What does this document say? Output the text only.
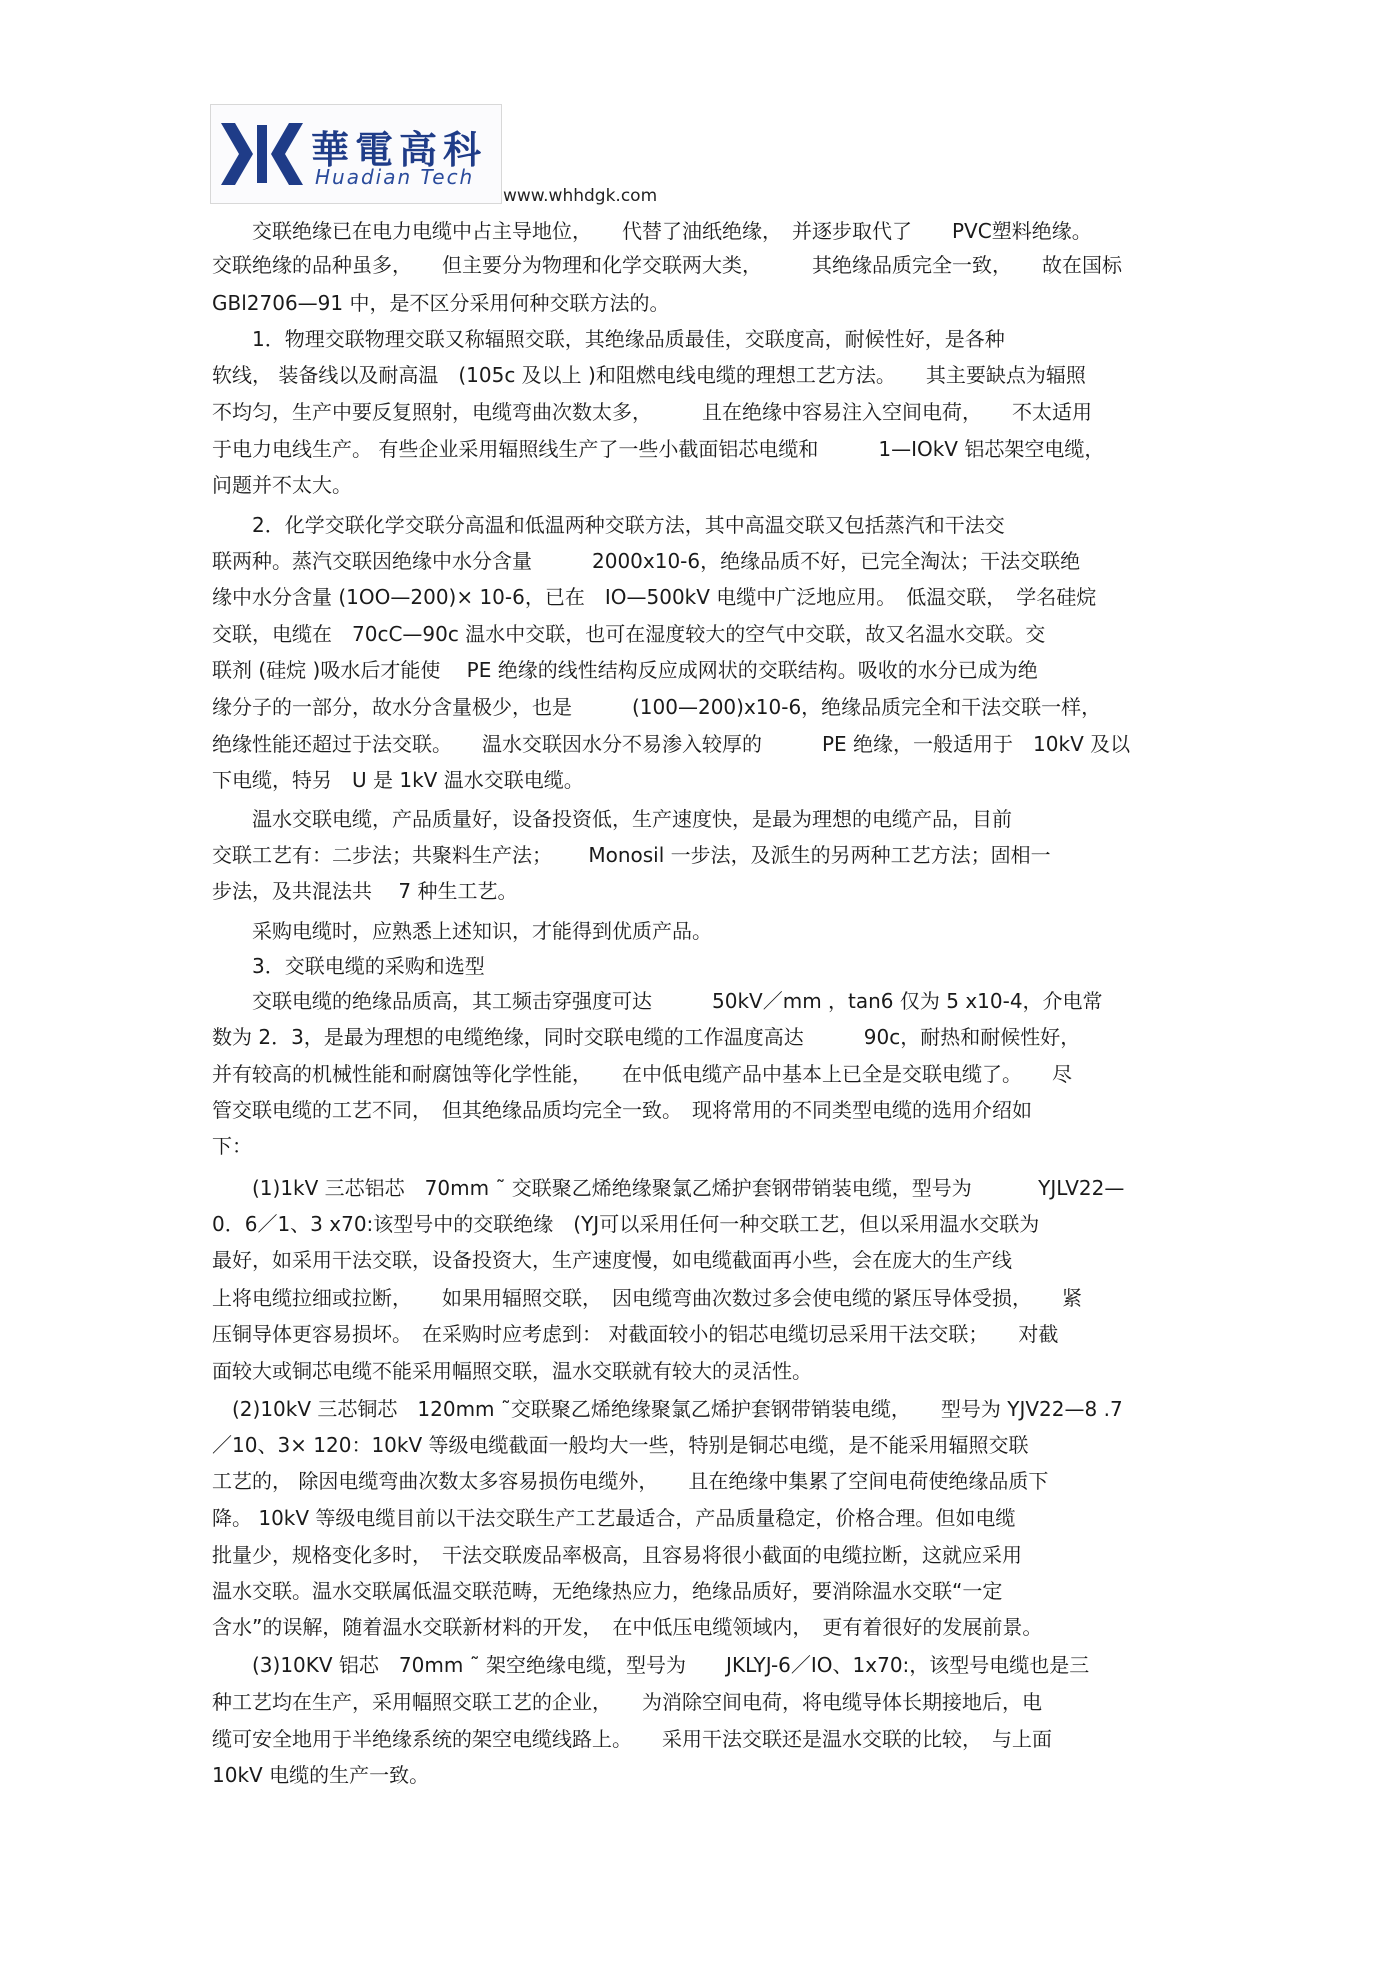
華電高科
Huadian Tech
www.whhdgk.com

　　交联绝缘已在电力电缆中占主导地位，　　代替了油纸绝缘，　并逐步取代了　　PVC塑料绝缘。

交联绝缘的品种虽多，　　但主要分为物理和化学交联两大类，　　　其绝缘品质完全一致，　　故在国标

GBl2706—91 中，是不区分采用何种交联方法的。

　　1．物理交联物理交联又称辐照交联，其绝缘品质最佳，交联度高，耐候性好，是各种

软线， 装备线以及耐高温　(105c 及以上 )和阻燃电线电缆的理想工艺方法。　　其主要缺点为辐照

不均匀，生产中要反复照射，电缆弯曲次数太多，　　　且在绝缘中容易注入空间电荷，　　不太适用

于电力电线生产。 有些企业采用辐照线生产了一些小截面铝芯电缆和　　　1—IOkV 铝芯架空电缆，

问题并不太大。

　　2．化学交联化学交联分高温和低温两种交联方法，其中高温交联又包括蒸汽和干法交

联两种。蒸汽交联因绝缘中水分含量　　　2000x10-6，绝缘品质不好，已完全淘汰；干法交联绝

缘中水分含量 (1OO—200)× 10-6，已在　IO—500kV 电缆中广泛地应用。　低温交联，　学名硅烷

交联，电缆在　70cC—90c 温水中交联，也可在湿度较大的空气中交联，故又名温水交联。交

联剂 (硅烷 )吸水后才能使　 PE 绝缘的线性结构反应成网状的交联结构。吸收的水分已成为绝

缘分子的一部分，故水分含量极少，也是　　　(100—200)x10-6，绝缘品质完全和干法交联一样，

绝缘性能还超过于法交联。　　温水交联因水分不易渗入较厚的　　　PE 绝缘，一般适用于　10kV 及以

下电缆，特另　U 是 1kV 温水交联电缆。

　　温水交联电缆，产品质量好，设备投资低，生产速度快，是最为理想的电缆产品，目前

交联工艺有：二步法；共聚料生产法；　　 Monosil 一步法，及派生的另两种工艺方法；固相一

步法，及共混法共　 7 种生工艺。

　　采购电缆时，应熟悉上述知识，才能得到优质产品。

　　3．交联电缆的采购和选型

　　交联电缆的绝缘品质高，其工频击穿强度可达　　　50kV／mm ，tan6 仅为 5 x10-4，介电常

数为 2．3，是最为理想的电缆绝缘，同时交联电缆的工作温度高达　　　90c，耐热和耐候性好，

并有较高的机械性能和耐腐蚀等化学性能，　　在中低电缆产品中基本上已全是交联电缆了。　　尽

管交联电缆的工艺不同，　但其绝缘品质均完全一致。　现将常用的不同类型电缆的选用介绍如

下：

　　(1)1kV 三芯铝芯　70mm ˜ 交联聚乙烯绝缘聚氯乙烯护套钢带销装电缆，型号为　　　 YJLV22—

0．6／1、3 x70:该型号中的交联绝缘　(YJ可以采用任何一种交联工艺，但以采用温水交联为

最好，如采用干法交联，设备投资大，生产速度慢，如电缆截面再小些，会在庞大的生产线

上将电缆拉细或拉断，　　如果用辐照交联，　因电缆弯曲次数过多会使电缆的紧压导体受损，　　紧

压铜导体更容易损坏。　在采购时应考虑到： 对截面较小的铝芯电缆切忌采用干法交联；　　对截

面较大或铜芯电缆不能采用幅照交联，温水交联就有较大的灵活性。

　(2)10kV 三芯铜芯　120mm ˜交联聚乙烯绝缘聚氯乙烯护套钢带销装电缆，　　型号为 YJV22—8 .7

／10、3× 120：10kV 等级电缆截面一般均大一些，特别是铜芯电缆，是不能采用辐照交联

工艺的， 除因电缆弯曲次数太多容易损伤电缆外，　　且在绝缘中集累了空间电荷使绝缘品质下

降。 10kV 等级电缆目前以干法交联生产工艺最适合，产品质量稳定，价格合理。但如电缆

批量少，规格变化多时，　干法交联废品率极高，且容易将很小截面的电缆拉断，这就应采用

温水交联。温水交联属低温交联范畴，无绝缘热应力，绝缘品质好，要消除温水交联“一定

含水”的误解，随着温水交联新材料的开发，　在中低压电缆领域内，　更有着很好的发展前景。

　　(3)10KV 铝芯　70mm ˜ 架空绝缘电缆，型号为　　JKLYJ-6／IO、1x70:，该型号电缆也是三

种工艺均在生产，采用幅照交联工艺的企业，　　为消除空间电荷，将电缆导体长期接地后，电

缆可安全地用于半绝缘系统的架空电缆线路上。　　采用干法交联还是温水交联的比较，　与上面

10kV 电缆的生产一致。
